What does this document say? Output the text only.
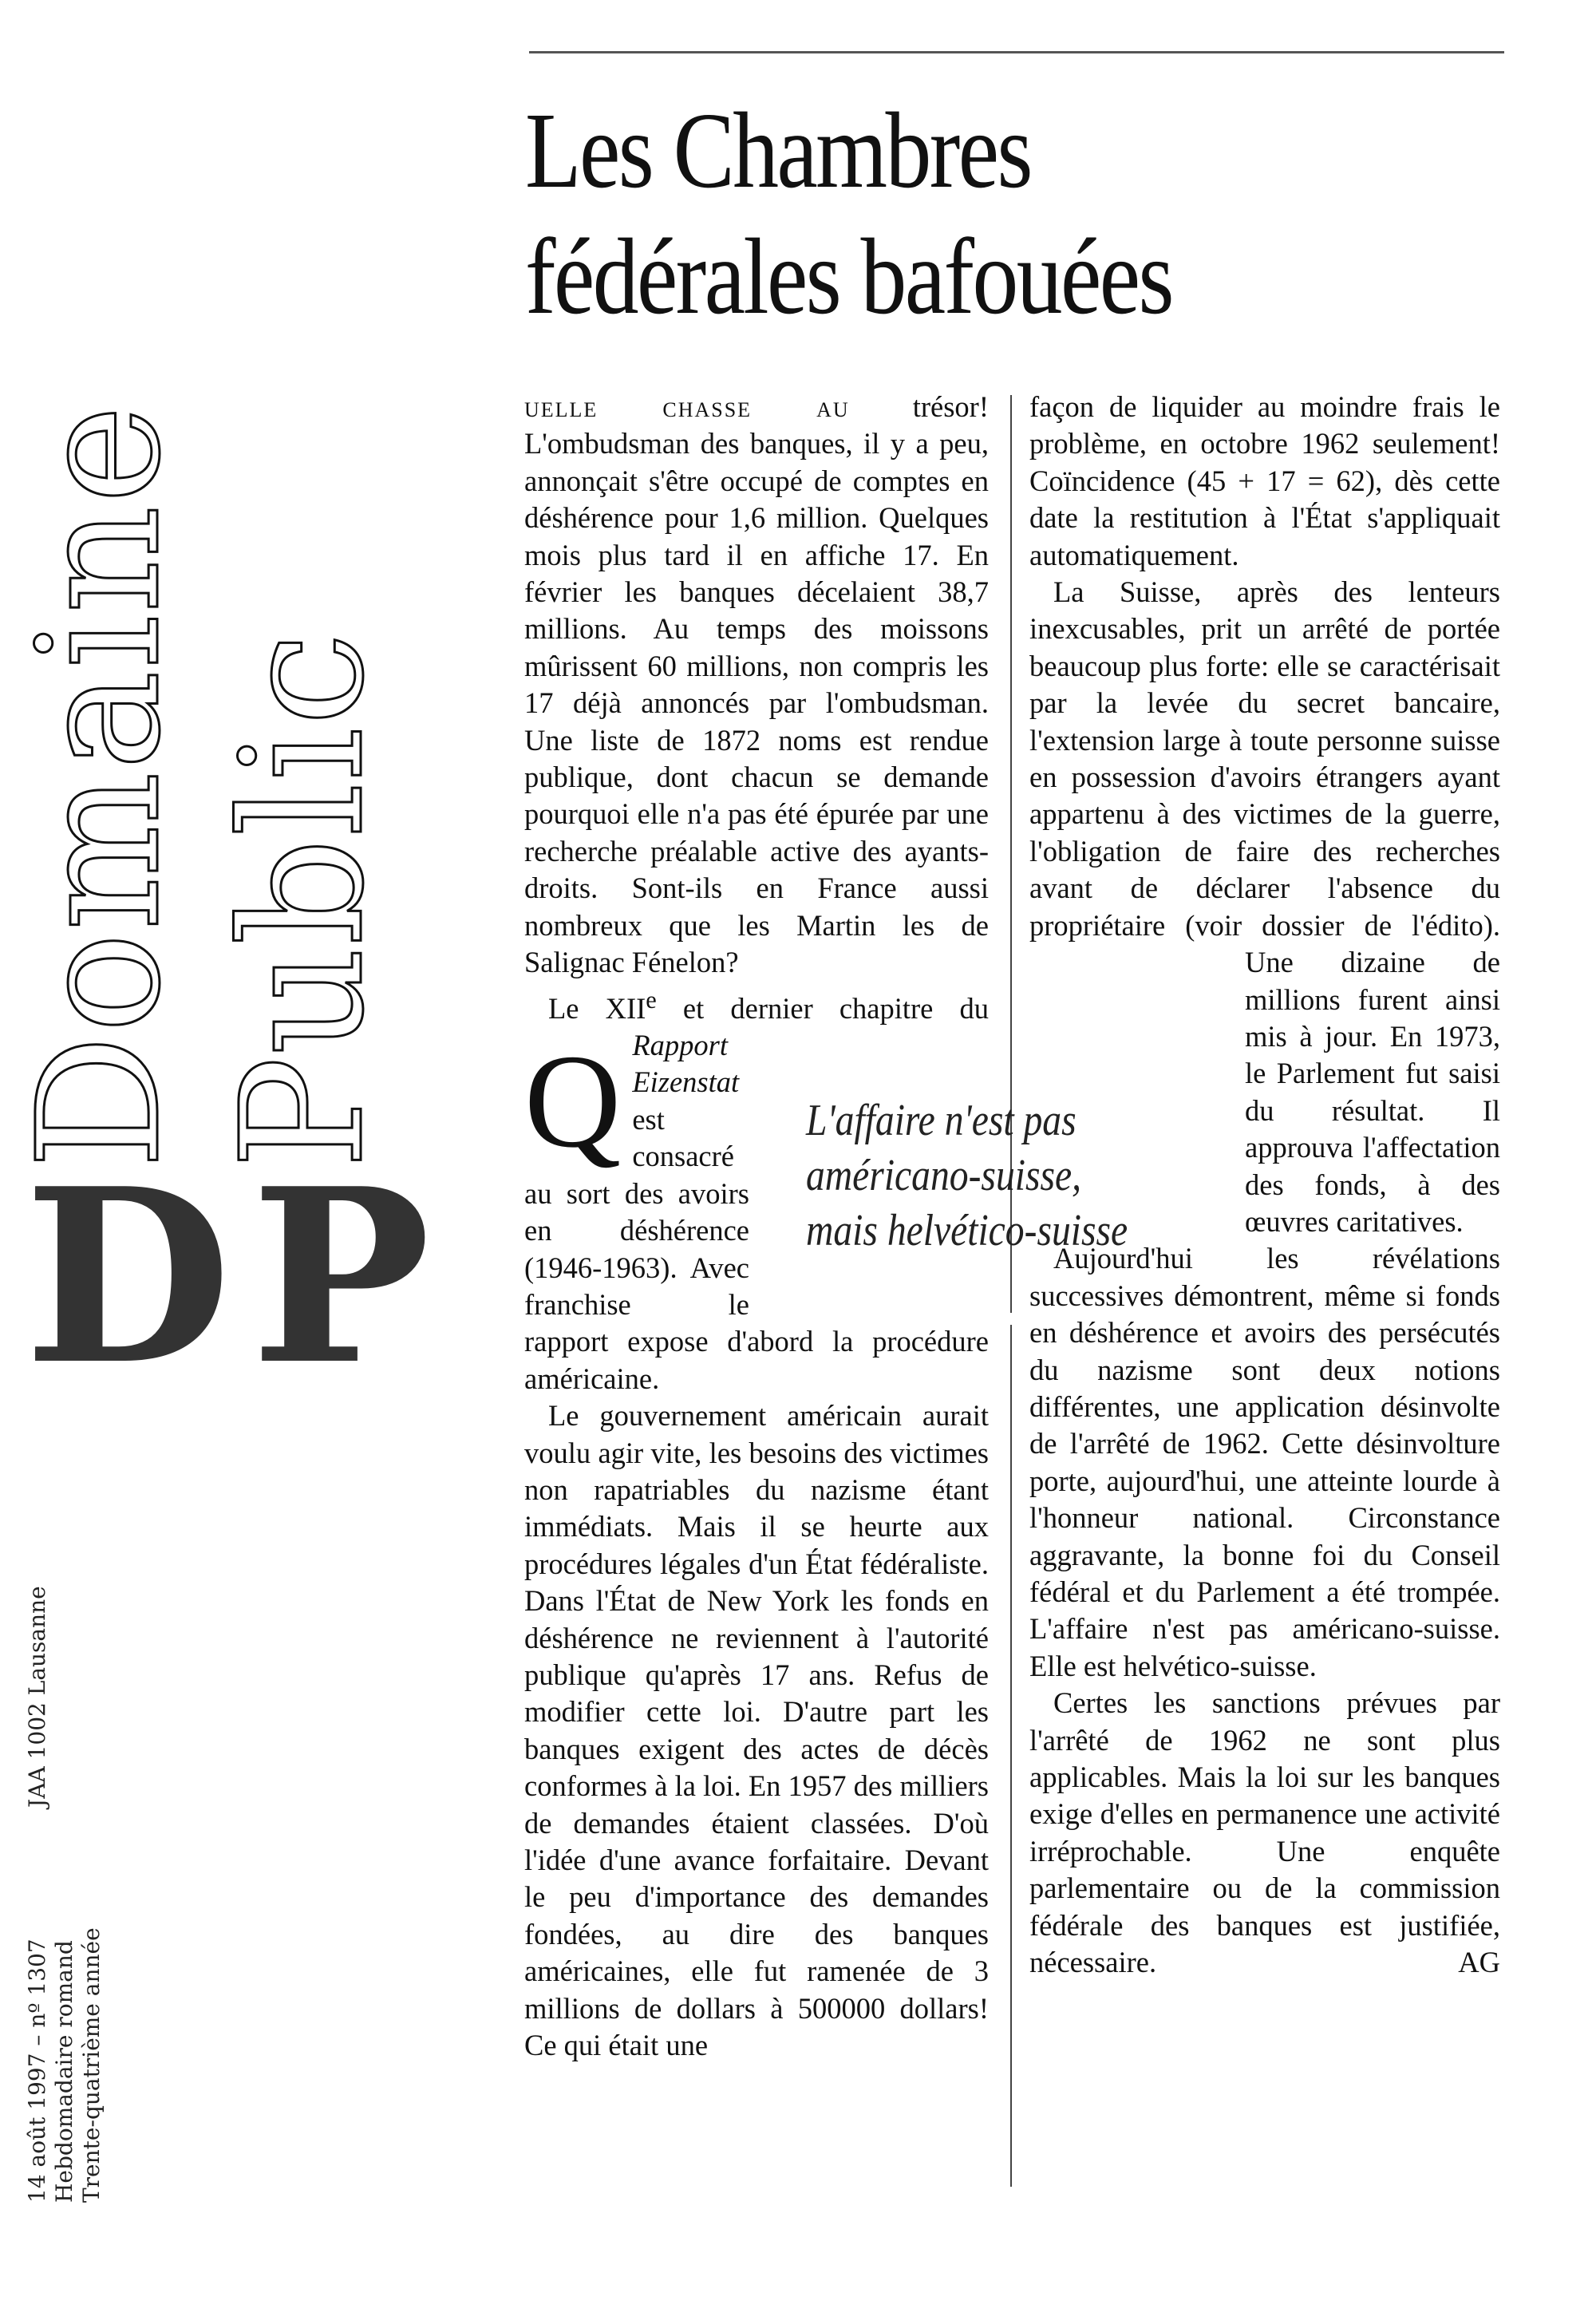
Domaine Public
D P
JAA 1002 Lausanne
14 août 1997 – nº 1307 Hebdomadaire romand Trente-quatrième année
Les Chambres
fédérales bafouées

Q
uelle chasse au trésor! L'ombudsman des banques, il y a peu, annonçait s'être occupé de comptes en déshérence pour 1,6 million. Quelques mois plus tard il en affiche 17. En février les banques décelaient 38,7 millions. Au temps des moissons mûrissent 60 millions, non compris les 17 déjà annoncés par l'ombudsman. Une liste de 1872 noms est rendue publique, dont chacun se demande pourquoi elle n'a pas été épurée par une recherche préalable active des ayants-droits. Sont-ils en France aussi nombreux que les Martin les de Salignac Fénelon?

Le XIIe et dernier chapitre du Rapport Eizenstat est consacré au sort des avoirs en déshérence (1946-1963). Avec franchise le rapport expose d'abord la procédure américaine.

Le gouvernement américain aurait voulu agir vite, les besoins des victimes non rapatriables du nazisme étant immédiats. Mais il se heurte aux procédures légales d'un État fédéraliste. Dans l'État de New York les fonds en déshérence ne reviennent à l'autorité publique qu'après 17 ans. Refus de modifier cette loi. D'autre part les banques exigent des actes de décès conformes à la loi. En 1957 des milliers de demandes étaient classées. D'où l'idée d'une avance forfaitaire. Devant le peu d'importance des demandes fondées, au dire des banques américaines, elle fut ramenée de 3 millions de dollars à 500000 dollars! Ce qui était une

façon de liquider au moindre frais le problème, en octobre 1962 seulement! Coïncidence (45 + 17 = 62), dès cette date la restitution à l'État s'appliquait automatiquement.

La Suisse, après des lenteurs inexcusables, prit un arrêté de portée beaucoup plus forte: elle se caractérisait par la levée du secret bancaire, l'extension large à toute personne suisse en possession d'avoirs étrangers ayant appartenu à des victimes de la guerre, l'obligation de faire des recherches avant de déclarer l'absence du propriétaire (voir dossier de l'édito). Une dizaine de millions furent ainsi mis à jour. En 1973, le Parlement fut saisi du résultat. Il approuva l'affectation des fonds, à des œuvres caritatives.

Aujourd'hui les révélations successives démontrent, même si fonds en déshérence et avoirs des persécutés du nazisme sont deux notions différentes, une application désinvolte de l'arrêté de 1962. Cette désinvolture porte, aujourd'hui, une atteinte lourde à l'honneur national. Circonstance aggravante, la bonne foi du Conseil fédéral et du Parlement a été trompée. L'affaire n'est pas américano-suisse. Elle est helvético-suisse.

Certes les sanctions prévues par l'arrêté de 1962 ne sont plus applicables. Mais la loi sur les banques exige d'elles en permanence une activité irréprochable. Une enquête parlementaire ou de la commission fédérale des banques est justifiée, nécessaire.	AG

L'affaire n'est pas
américano-suisse,
mais helvético-suisse
